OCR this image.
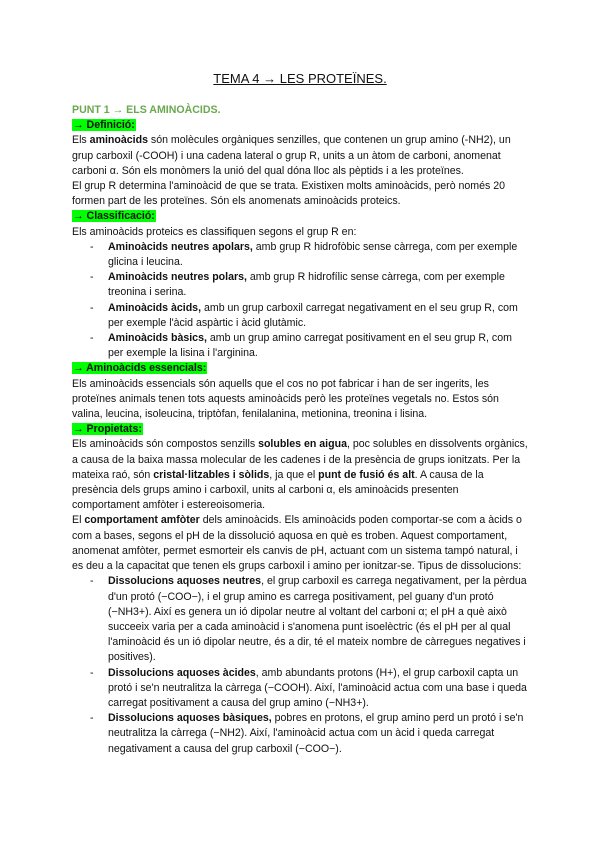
TEMA 4 → LES PROTEÏNES.

PUNT 1 → ELS AMINOÀCIDS.

→ Definició:

Els aminoàcids són molècules orgàniques senzilles, que contenen un grup amino (-NH2), un grup carboxil (-COOH) i una cadena lateral o grup R, units a un àtom de carboni, anomenat carboni α. Són els monòmers la unió del qual dóna lloc als pèptids i a les proteïnes.

El grup R determina l'aminoàcid de que se trata. Existixen molts aminoàcids, però només 20 formen part de les proteïnes. Són els anomenats aminoàcids proteics.

→ Classificació:

Els aminoàcids proteics es classifiquen segons el grup R en:

- Aminoàcids neutres apolars, amb grup R hidrofòbic sense càrrega, com per exemple glicina i leucina.
- Aminoàcids neutres polars, amb grup R hidrofílic sense càrrega, com per exemple treonina i serina.
- Aminoàcids àcids, amb un grup carboxil carregat negativament en el seu grup R, com per exemple l'àcid aspàrtic i àcid glutàmic.
- Aminoàcids bàsics, amb un grup amino carregat positivament en el seu grup R, com per exemple la lisina i l'arginina.

→ Aminoàcids essencials:

Els aminoàcids essencials són aquells que el cos no pot fabricar i han de ser ingerits, les proteïnes animals tenen tots aquests aminoàcids però les proteïnes vegetals no. Estos són valina, leucina, isoleucina, triptòfan, fenilalanina, metionina, treonina i lisina.

→ Propietats:

Els aminoàcids són compostos senzills solubles en aigua, poc solubles en dissolvents orgànics, a causa de la baixa massa molecular de les cadenes i de la presència de grups ionitzats. Per la mateixa raó, són cristal·litzables i sòlids, ja que el punt de fusió és alt. A causa de la presència dels grups amino i carboxil, units al carboni α, els aminoàcids presenten comportament amfòter i estereoisomeria.

El comportament amfòter dels aminoàcids. Els aminoàcids poden comportar-se com a àcids o com a bases, segons el pH de la dissolució aquosa en què es troben. Aquest comportament, anomenat amfòter, permet esmorteir els canvis de pH, actuant com un sistema tampó natural, i es deu a la capacitat que tenen els grups carboxil i amino per ionitzar-se. Tipus de dissolucions:

- Dissolucions aquoses neutres, el grup carboxil es carrega negativament, per la pèrdua d'un protó (−COO−), i el grup amino es carrega positivament, pel guany d'un protó (−NH3+). Així es genera un ió dipolar neutre al voltant del carboni α; el pH a què això succeeix varia per a cada aminoàcid i s'anomena punt isoelèctric (és el pH per al qual l'aminoàcid és un ió dipolar neutre, és a dir, té el mateix nombre de càrregues negatives i positives).
- Dissolucions aquoses àcides, amb abundants protons (H+), el grup carboxil capta un protó i se'n neutralitza la càrrega (−COOH). Així, l'aminoàcid actua com una base i queda carregat positivament a causa del grup amino (−NH3+).
- Dissolucions aquoses bàsiques, pobres en protons, el grup amino perd un protó i se'n neutralitza la càrrega (−NH2). Així, l'aminoàcid actua com un àcid i queda carregat negativament a causa del grup carboxil (−COO−).
